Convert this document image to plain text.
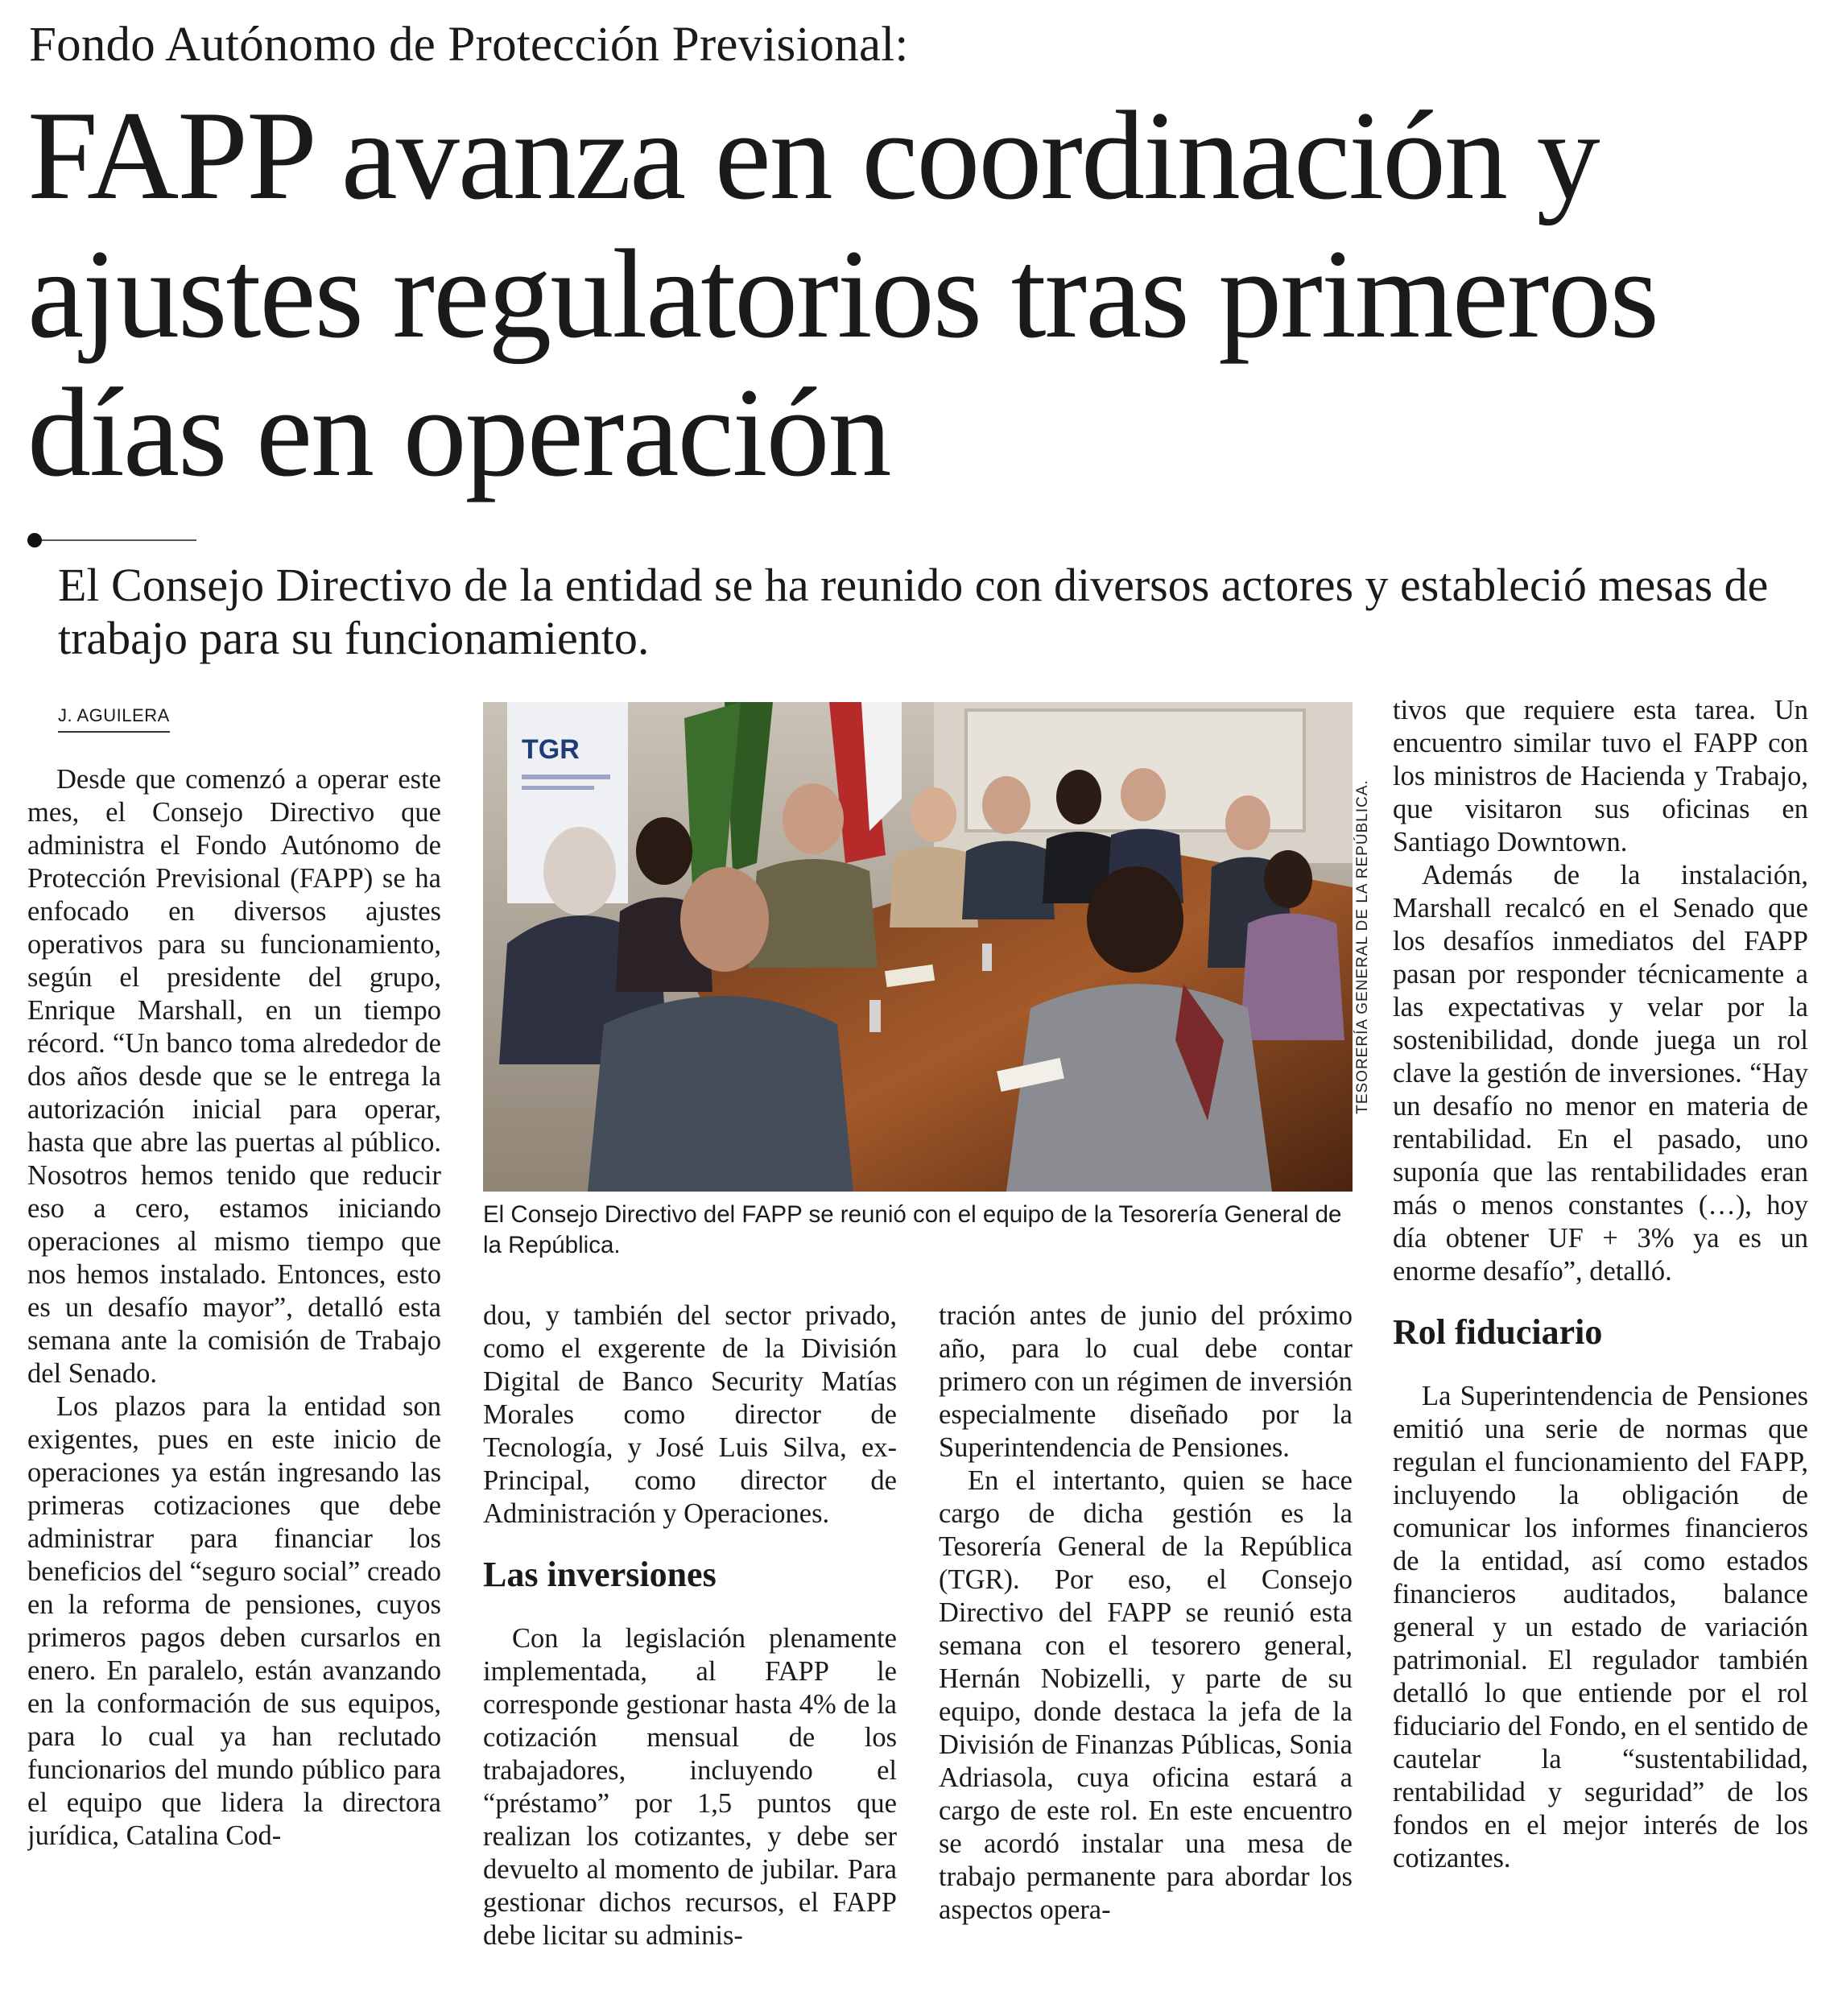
Fondo Autónomo de Protección Previsional:
FAPP avanza en coordinación y ajustes regulatorios tras primeros días en operación
El Consejo Directivo de la entidad se ha reunido con diversos actores y estableció mesas de trabajo para su funcionamiento.
J. AGUILERA

Desde que comenzó a operar este mes, el Consejo Directivo que administra el Fondo Autónomo de Protección Previsional (FAPP) se ha enfocado en diversos ajustes operativos para su funcionamiento, según el presidente del grupo, Enrique Marshall, en un tiempo récord. “Un banco toma alrededor de dos años desde que se le entrega la autorización inicial para operar, hasta que abre las puertas al público. Nosotros hemos tenido que reducir eso a cero, estamos iniciando operaciones al mismo tiempo que nos hemos instalado. Entonces, esto es un desafío mayor”, detalló esta semana ante la comisión de Trabajo del Senado.

Los plazos para la entidad son exigentes, pues en este inicio de operaciones ya están ingresando las primeras cotizaciones que debe administrar para financiar los beneficios del “seguro social” creado en la reforma de pensiones, cuyos primeros pagos deben cursarlos en enero. En paralelo, están avanzando en la conformación de sus equipos, para lo cual ya han reclutado funcionarios del mundo público para el equipo que lidera la directora jurídica, Catalina Cod-

TGR
TESORERÍA GENERAL DE LA REPÚBLICA.
El Consejo Directivo del FAPP se reunió con el equipo de la Tesorería General de la República.

dou, y también del sector privado, como el exgerente de la División Digital de Banco Security Matías Morales como director de Tecnología, y José Luis Silva, ex-Principal, como director de Administración y Operaciones.

Las inversiones

Con la legislación plenamente implementada, al FAPP le corresponde gestionar hasta 4% de la cotización mensual de los trabajadores, incluyendo el “préstamo” por 1,5 puntos que realizan los cotizantes, y debe ser devuelto al momento de jubilar. Para gestionar dichos recursos, el FAPP debe licitar su adminis-

tración antes de junio del próximo año, para lo cual debe contar primero con un régimen de inversión especialmente diseñado por la Superintendencia de Pensiones.

En el intertanto, quien se hace cargo de dicha gestión es la Tesorería General de la República (TGR). Por eso, el Consejo Directivo del FAPP se reunió esta semana con el tesorero general, Hernán Nobizelli, y parte de su equipo, donde destaca la jefa de la División de Finanzas Públicas, Sonia Adriasola, cuya oficina estará a cargo de este rol. En este encuentro se acordó instalar una mesa de trabajo permanente para abordar los aspectos opera-

tivos que requiere esta tarea. Un encuentro similar tuvo el FAPP con los ministros de Hacienda y Trabajo, que visitaron sus oficinas en Santiago Downtown.

Además de la instalación, Marshall recalcó en el Senado que los desafíos inmediatos del FAPP pasan por responder técnicamente a las expectativas y velar por la sostenibilidad, donde juega un rol clave la gestión de inversiones. “Hay un desafío no menor en materia de rentabilidad. En el pasado, uno suponía que las rentabilidades eran más o menos constantes (…), hoy día obtener UF + 3% ya es un enorme desafío”, detalló.

Rol fiduciario

La Superintendencia de Pensiones emitió una serie de normas que regulan el funcionamiento del FAPP, incluyendo la obligación de comunicar los informes financieros de la entidad, así como estados financieros auditados, balance general y un estado de variación patrimonial. El regulador también detalló lo que entiende por el rol fiduciario del Fondo, en el sentido de cautelar la “sustentabilidad, rentabilidad y seguridad” de los fondos en el mejor interés de los cotizantes.
